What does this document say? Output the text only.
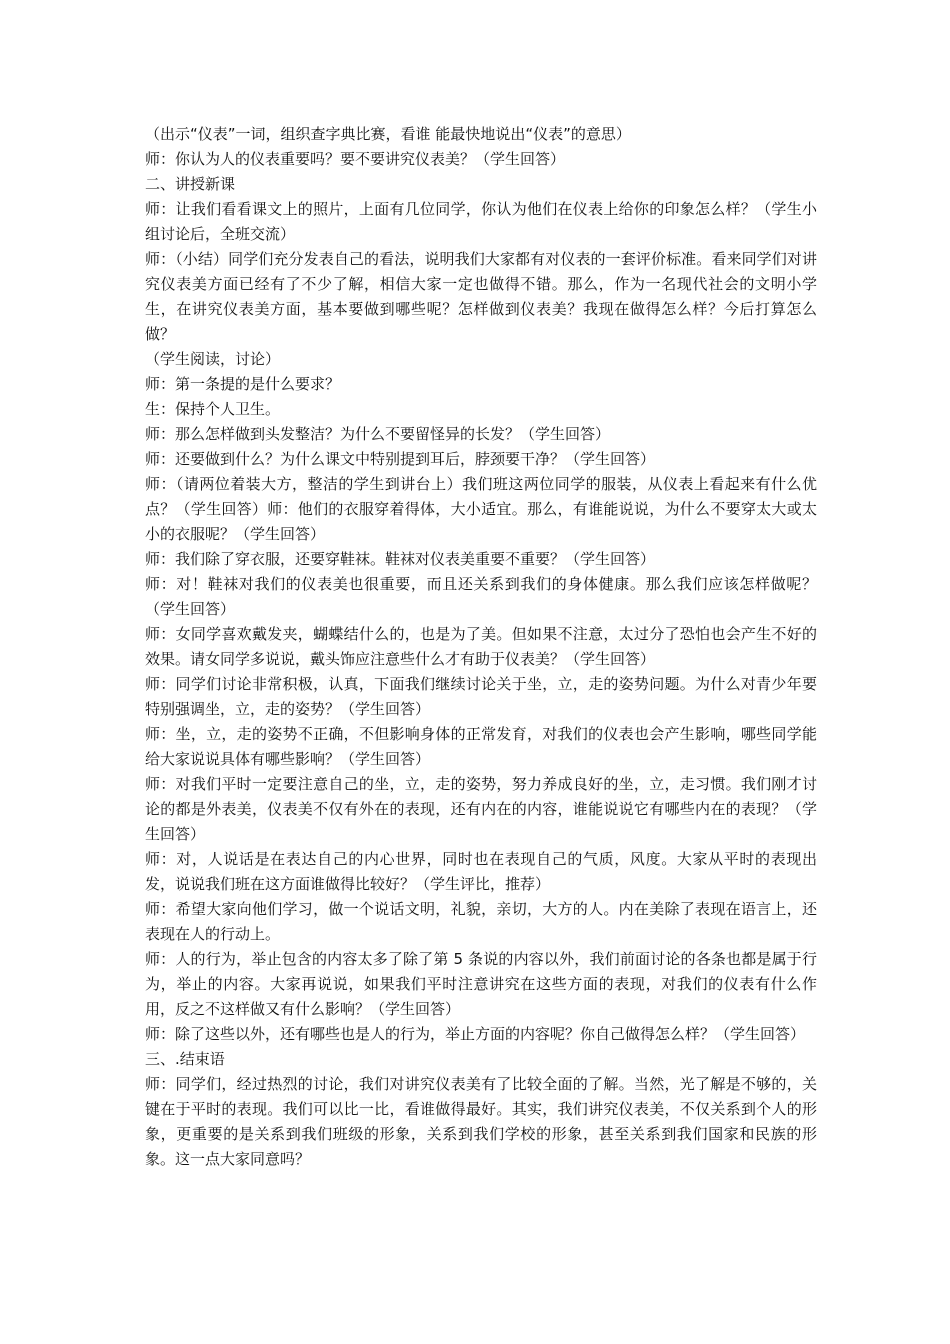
（出示“仪表”一词，组织查字典比赛，看谁 能最快地说出“仪表”的意思）

师：你认为人的仪表重要吗？要不要讲究仪表美？（学生回答）

二、讲授新课

师：让我们看看课文上的照片，上面有几位同学，你认为他们在仪表上给你的印象怎么样？（学生小组讨论后，全班交流）

师：（小结）同学们充分发表自己的看法，说明我们大家都有对仪表的一套评价标准。看来同学们对讲究仪表美方面已经有了不少了解，相信大家一定也做得不错。那么，作为一名现代社会的文明小学生，在讲究仪表美方面，基本要做到哪些呢？怎样做到仪表美？我现在做得怎么样？今后打算怎么做？

（学生阅读，讨论）

师：第一条提的是什么要求？

生：保持个人卫生。

师：那么怎样做到头发整洁？为什么不要留怪异的长发？（学生回答）

师：还要做到什么？为什么课文中特别提到耳后，脖颈要干净？（学生回答）

师：（请两位着装大方，整洁的学生到讲台上）我们班这两位同学的服装，从仪表上看起来有什么优点？（学生回答）师：他们的衣服穿着得体，大小适宜。那么，有谁能说说，为什么不要穿太大或太小的衣服呢？（学生回答）

师：我们除了穿衣服，还要穿鞋袜。鞋袜对仪表美重要不重要？（学生回答）

师：对！鞋袜对我们的仪表美也很重要，而且还关系到我们的身体健康。那么我们应该怎样做呢？（学生回答）

师：女同学喜欢戴发夹，蝴蝶结什么的，也是为了美。但如果不注意，太过分了恐怕也会产生不好的效果。请女同学多说说，戴头饰应注意些什么才有助于仪表美？（学生回答）

师：同学们讨论非常积极，认真，下面我们继续讨论关于坐，立，走的姿势问题。为什么对青少年要特别强调坐，立，走的姿势？（学生回答）

师：坐，立，走的姿势不正确，不但影响身体的正常发育，对我们的仪表也会产生影响，哪些同学能给大家说说具体有哪些影响？（学生回答）

师：对我们平时一定要注意自己的坐，立，走的姿势，努力养成良好的坐，立，走习惯。我们刚才讨论的都是外表美，仪表美不仅有外在的表现，还有内在的内容，谁能说说它有哪些内在的表现？（学生回答）

师：对，人说话是在表达自己的内心世界，同时也在表现自己的气质，风度。大家从平时的表现出发，说说我们班在这方面谁做得比较好？（学生评比，推荐）

师：希望大家向他们学习，做一个说话文明，礼貌，亲切，大方的人。内在美除了表现在语言上，还表现在人的行动上。

师：人的行为，举止包含的内容太多了除了第 5 条说的内容以外，我们前面讨论的各条也都是属于行为，举止的内容。大家再说说，如果我们平时注意讲究在这些方面的表现，对我们的仪表有什么作用，反之不这样做又有什么影响？（学生回答）

师：除了这些以外，还有哪些也是人的行为，举止方面的内容呢？你自己做得怎么样？（学生回答）

三、.结束语

师：同学们，经过热烈的讨论，我们对讲究仪表美有了比较全面的了解。当然，光了解是不够的，关键在于平时的表现。我们可以比一比，看谁做得最好。其实，我们讲究仪表美，不仅关系到个人的形象，更重要的是关系到我们班级的形象，关系到我们学校的形象，甚至关系到我们国家和民族的形象。这一点大家同意吗？
